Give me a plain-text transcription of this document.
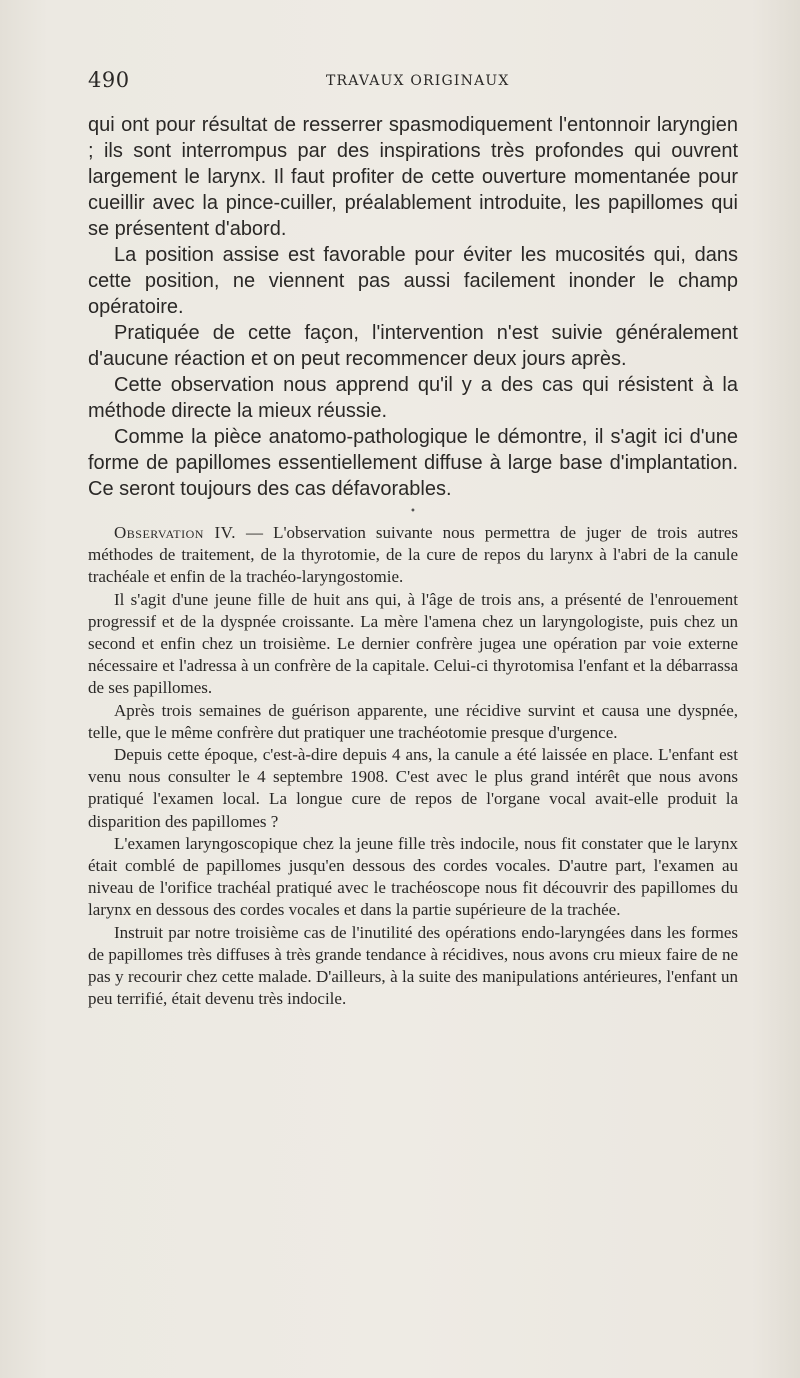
490	TRAVAUX ORIGINAUX

qui ont pour résultat de resserrer spasmodiquement l'entonnoir laryngien ; ils sont interrompus par des inspirations très profondes qui ouvrent largement le larynx. Il faut profiter de cette ouverture momentanée pour cueillir avec la pince-cuiller, préalablement introduite, les papillomes qui se présentent d'abord.

La position assise est favorable pour éviter les mucosités qui, dans cette position, ne viennent pas aussi facilement inonder le champ opératoire.

Pratiquée de cette façon, l'intervention n'est suivie généralement d'aucune réaction et on peut recommencer deux jours après.

Cette observation nous apprend qu'il y a des cas qui résistent à la méthode directe la mieux réussie.

Comme la pièce anatomo-pathologique le démontre, il s'agit ici d'une forme de papillomes essentiellement diffuse à large base d'implantation. Ce seront toujours des cas défavorables.

•

Observation IV. — L'observation suivante nous permettra de juger de trois autres méthodes de traitement, de la thyrotomie, de la cure de repos du larynx à l'abri de la canule trachéale et enfin de la trachéo-laryngostomie.

Il s'agit d'une jeune fille de huit ans qui, à l'âge de trois ans, a présenté de l'enrouement progressif et de la dyspnée croissante. La mère l'amena chez un laryngologiste, puis chez un second et enfin chez un troisième. Le dernier confrère jugea une opération par voie externe nécessaire et l'adressa à un confrère de la capitale. Celui-ci thyrotomisa l'enfant et la débarrassa de ses papillomes.

Après trois semaines de guérison apparente, une récidive survint et causa une dyspnée, telle, que le même confrère dut pratiquer une trachéotomie presque d'urgence.

Depuis cette époque, c'est-à-dire depuis 4 ans, la canule a été laissée en place. L'enfant est venu nous consulter le 4 septembre 1908. C'est avec le plus grand intérêt que nous avons pratiqué l'examen local. La longue cure de repos de l'organe vocal avait-elle produit la disparition des papillomes ?

L'examen laryngoscopique chez la jeune fille très indocile, nous fit constater que le larynx était comblé de papillomes jusqu'en dessous des cordes vocales. D'autre part, l'examen au niveau de l'orifice trachéal pratiqué avec le trachéoscope nous fit découvrir des papillomes du larynx en dessous des cordes vocales et dans la partie supérieure de la trachée.

Instruit par notre troisième cas de l'inutilité des opérations endo-laryngées dans les formes de papillomes très diffuses à très grande tendance à récidives, nous avons cru mieux faire de ne pas y recourir chez cette malade. D'ailleurs, à la suite des manipulations antérieures, l'enfant un peu terrifié, était devenu très indocile.
